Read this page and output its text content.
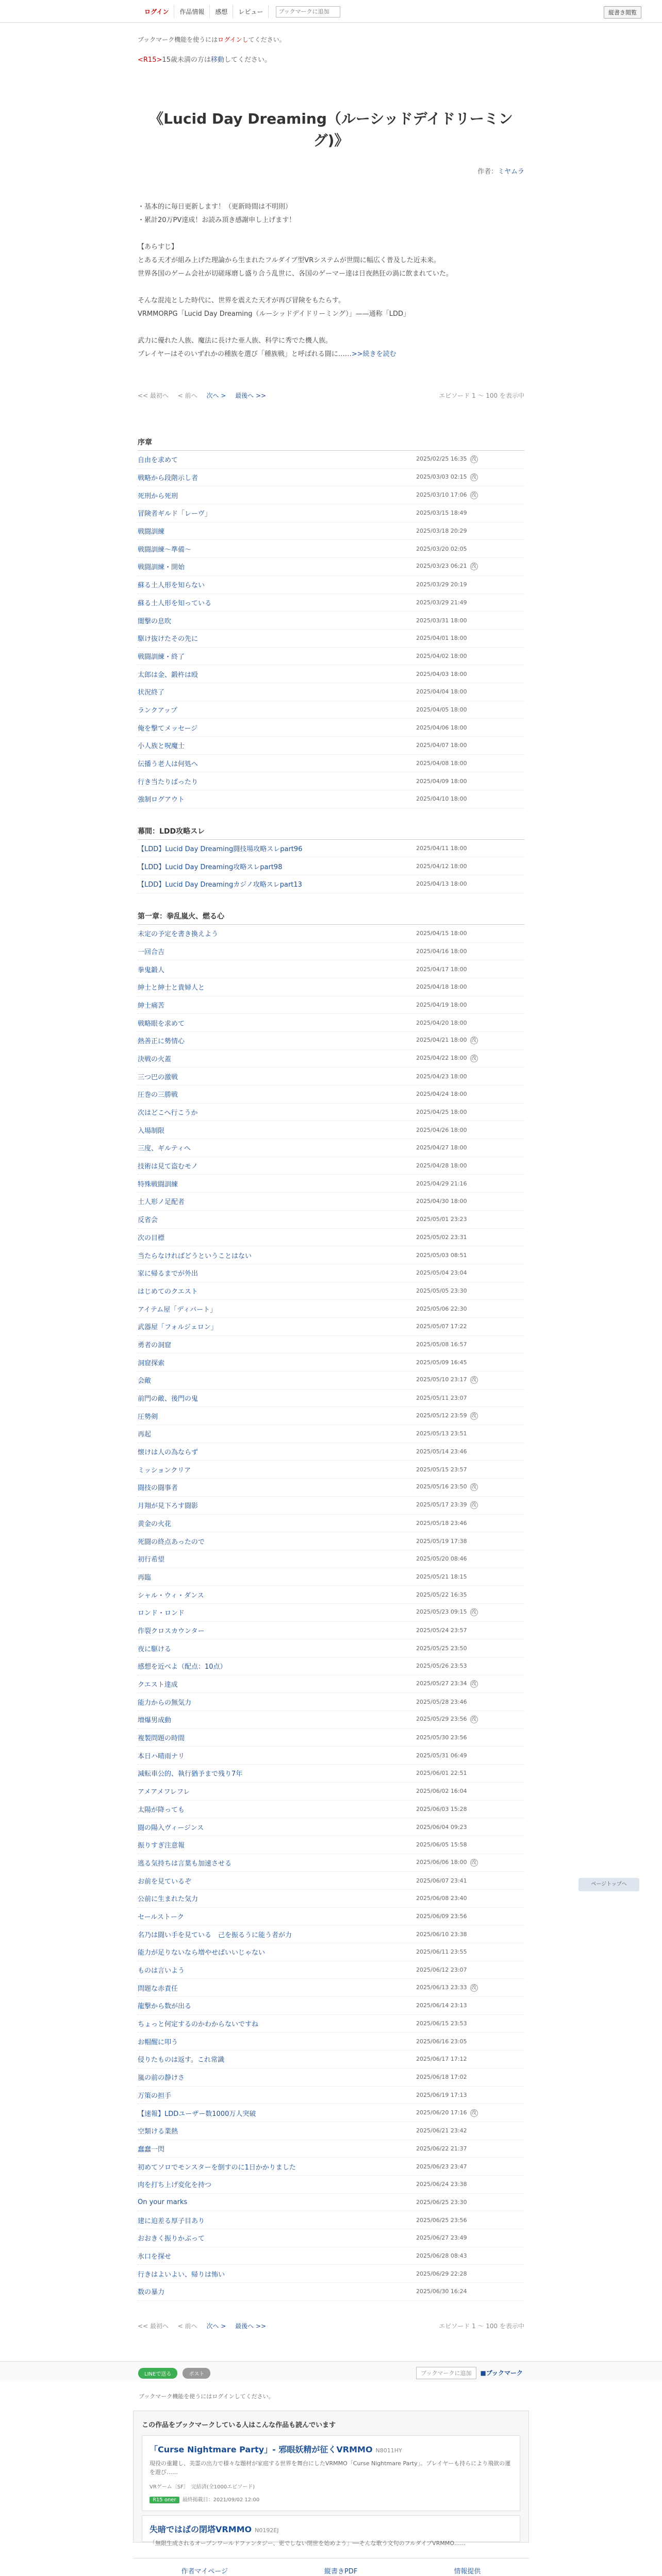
ログイン	作品情報	感想	レビュー
ブックマークに追加	縦書き閲覧
ブックマーク機能を使うにはログインしてください。
<R15>15歳未満の方は移動してください。
《Lucid Day Dreaming（ルーシッドデイドリーミング)》
作者：ミヤムラ

・基本的に毎日更新します！（更新時間は不明則）

・累計20万PV達成！お読み頂き感謝申し上げます！

【あらすじ】

とある天才が組み上げた理論から生まれたフルダイブ型VRシステムが世間に幅広く普及した近未来。

世界各国のゲーム会社が切磋琢磨し盛り合う乱世に、各国のゲーマー達は日夜熱狂の渦に飲まれていた。

そんな混沌とした時代に、世界を震えた天才が再び冒険をもたらす。

VRMMORPG「Lucid Day Dreaming（ルーシッドデイドリーミング）」——通称「LDD」

武力に優れた人族、魔法に長けた亜人族、科学に秀でた機人族。

プレイヤーはそのいずれかの種族を選び「種族戦」と呼ばれる闘に……>>続きを読む

<< 最初へ < 前へ 次へ > 最後へ >>	エピソード 1 ～ 100 を表示中
序章
自由を求めて	2025/02/25 16:35 改
戦略から段階示し者	2025/03/03 02:15 改
死刑から死刑	2025/03/10 17:06 改
冒険者ギルド「レーヴ」	2025/03/15 18:49
戦闘訓練	2025/03/18 20:29
戦闘訓練〜準備〜	2025/03/20 02:05
戦闘訓練・開始	2025/03/23 06:21 改
蘇る土人形を知らない	2025/03/29 20:19
蘇る土人形を知っている	2025/03/29 21:49
闇撃の息吹	2025/03/31 18:00
駆け抜けたその先に	2025/04/01 18:00
戦闘訓練・終了	2025/04/02 18:00
太郎は金、鍛杵は殴	2025/04/03 18:00
状況終了	2025/04/04 18:00
ランクアップ	2025/04/05 18:00
俺を撃てメッセージ	2025/04/06 18:00
小人族と呪魔士	2025/04/07 18:00
伝播う老人は何処へ	2025/04/08 18:00
行き当たりばったり	2025/04/09 18:00
強制ログアウト	2025/04/10 18:00
幕間：LDD攻略スレ
【LDD】Lucid Day Dreaming闘技場攻略スレpart96	2025/04/11 18:00
【LDD】Lucid Day Dreaming攻略スレpart98	2025/04/12 18:00
【LDD】Lucid Day Dreamingカジノ攻略スレpart13	2025/04/13 18:00
第一章：拳乱嵐火、燃る心
未定の予定を書き換えよう	2025/04/15 18:00
一回合吉	2025/04/16 18:00
拳鬼鍛人	2025/04/17 18:00
紳士と紳士と貴婦人と	2025/04/18 18:00
紳士痛苦	2025/04/19 18:00
戦略眼を求めて	2025/04/20 18:00
熱善正に勢情心	2025/04/21 18:00 改
決戦の火蓋	2025/04/22 18:00 改
三つ巴の激戦	2025/04/23 18:00
圧巻の三勝戦	2025/04/24 18:00
次はどこへ行こうか	2025/04/25 18:00
入場制限	2025/04/26 18:00
三度、ギルティへ	2025/04/27 18:00
技術は見て盗むモノ	2025/04/28 18:00
特殊戦闘訓練	2025/04/29 21:16
土人形ノ足配者	2025/04/30 18:00
反省会	2025/05/01 23:23
次の目標	2025/05/02 23:31
当たらなければどうということはない	2025/05/03 08:51
家に帰るまでが外出	2025/05/04 23:04
はじめてのクエスト	2025/05/05 23:30
アイテム屋「ディパート」	2025/05/06 22:30
武器屋「フォルジェロン」	2025/05/07 17:22
勇者の洞窟	2025/05/08 16:57
洞窟探索	2025/05/09 16:45
会敵	2025/05/10 23:17 改
前門の敵、後門の鬼	2025/05/11 23:07
圧勢剣	2025/05/12 23:59 改
再起	2025/05/13 23:51
懐けは人の為ならず	2025/05/14 23:46
ミッションクリア	2025/05/15 23:57
闘技の闘事者	2025/05/16 23:50 改
月翔が見下ろす闘影	2025/05/17 23:39 改
黄金の火花	2025/05/18 23:46
死闘の終点あったので	2025/05/19 17:38
初行希望	2025/05/20 08:46
再臨	2025/05/21 18:15
シャル・ウィ・ダンス	2025/05/22 16:35
ロンド・ロンド	2025/05/23 09:15 改
作裂クロスカウンター	2025/05/24 23:57
夜に駆ける	2025/05/25 23:50
感想を近べよ（配点：10点）	2025/05/26 23:53
クエスト達成	2025/05/27 23:34 改
能力からの無気力	2025/05/28 23:46
増爆男成動	2025/05/29 23:56 改
複製問題の時間	2025/05/30 23:56
本日ハ晴雨ナリ	2025/05/31 06:49
減転車公的、執行猶予まで残り7年	2025/06/01 22:51
アメアメフレフレ	2025/06/02 16:04
太陽が降っても	2025/06/03 15:28
闘の陽入ヴィージンス	2025/06/04 09:23
振りすぎ注意報	2025/06/05 15:58
逃る気持ちは言葉も加速させる	2025/06/06 18:00 改
お前を見ているぞ	2025/06/07 23:41
公前に生まれた気力	2025/06/08 23:40
セールストーク	2025/06/09 23:56
名乃は闘い手を見ている　己を振るうに能う者が力	2025/06/10 23:38
能力が足りないなら増やせばいいじゃない	2025/06/11 23:55
ものは言いよう	2025/06/12 23:07
問題な赤責任	2025/06/13 23:33 改
龍撃から数が出る	2025/06/14 23:13
ちょっと何定するのかわからないですね	2025/06/15 23:53
お帽醒に叩う	2025/06/16 23:05
侵りたものは返す。これ常識	2025/06/17 17:12
嵐の前の静けさ	2025/06/18 17:02
万策の担手	2025/06/19 17:13
【速報】LDDユーザー数1000万人突破	2025/06/20 17:16 改
空類ける業熱	2025/06/21 23:42
蠢蠢一閃	2025/06/22 21:37
初めてソロでモンスターを倒すのに1日かかりました	2025/06/23 23:47
肉を打ち上げ変化を持つ	2025/06/24 23:38
On your marks	2025/06/25 23:30
建に迫差る厚子目あり	2025/06/25 23:56
おおきく振りかぶって	2025/06/27 23:49
氷口を探せ	2025/06/28 08:43
行きはよいよい、帰りは怖い	2025/06/29 22:28
数の暴力	2025/06/30 16:24
<< 最初へ < 前へ 次へ > 最後へ >>	エピソード 1 ～ 100 を表示中
LINEで送る	ポスト	ブックマークに追加	■ブックマーク
ブックマーク機能を使うにはログインしてください。
この作品をブックマークしている人はこんな作品も読んでいます
「Curse Nightmare Party」- 邪眼妖精が征くVRMMO N8011HY
現役の重鍵し、美霊の出力で様々な題材が家庭する世界を舞台にしたVRMMO「Curse Nightmare Party」。プレイヤーも持らにより飛欲の運を遊び……
VRゲーム〔SF〕　 完結済(全1000エピソード)
R15 oner 最終掲載日：2021/09/02 12:00
失暗ではばの閉塔VRMMO N0192EJ
「無限生成されるオープンワールドファンタジー、更でしない閉世を始めよう」──そんな歌う文句のフルダイブVRMMO……
作者マイページ	縦書きPDF	情報提供
ページトップへ
